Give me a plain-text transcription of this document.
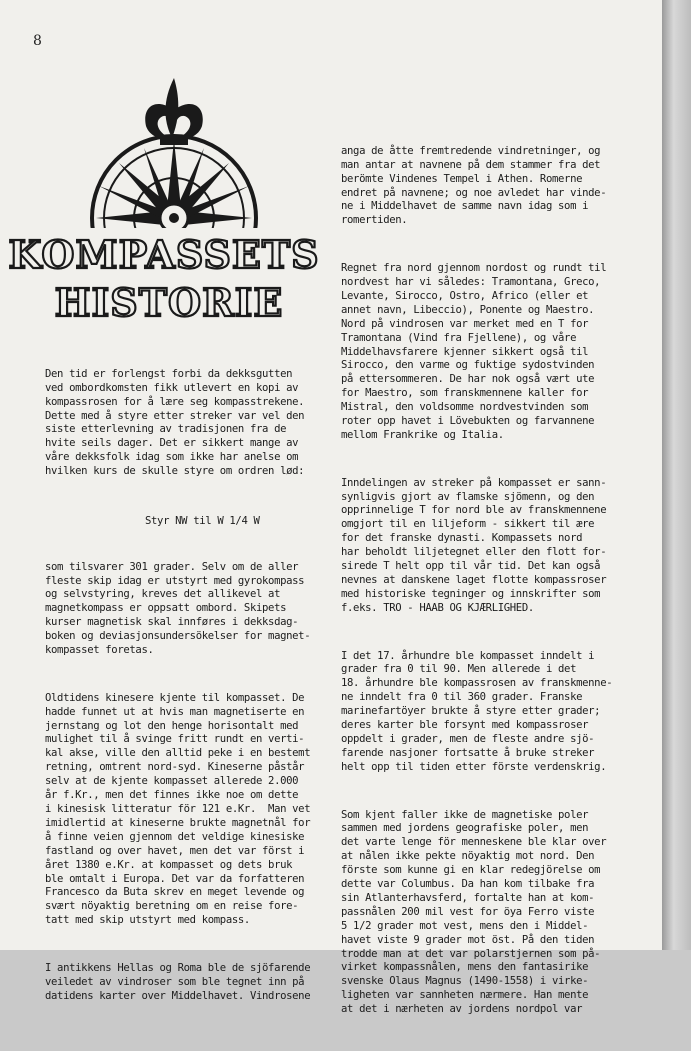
8
KOMPASSETS
HISTORIE

Den tid er forlengst forbi da dekksgutten
ved ombordkomsten fikk utlevert en kopi av
kompassrosen for å lære seg kompasstrekene.
Dette med å styre etter streker var vel den
siste etterlevning av tradisjonen fra de
hvite seils dager. Det er sikkert mange av
våre dekksfolk idag som ikke har anelse om
hvilken kurs de skulle styre om ordren lød:

Styr NW til W 1/4 W

som tilsvarer 301 grader. Selv om de aller
fleste skip idag er utstyrt med gyrokompass
og selvstyring, kreves det allikevel at
magnetkompass er oppsatt ombord. Skipets
kurser magnetisk skal innføres i dekksdag-
boken og deviasjonsundersökelser for magnet-
kompasset foretas.

Oldtidens kinesere kjente til kompasset. De
hadde funnet ut at hvis man magnetiserte en
jernstang og lot den henge horisontalt med
mulighet til å svinge fritt rundt en verti-
kal akse, ville den alltid peke i en bestemt
retning, omtrent nord-syd. Kineserne påstår
selv at de kjente kompasset allerede 2.000
år f.Kr., men det finnes ikke noe om dette
i kinesisk litteratur för 121 e.Kr.  Man vet
imidlertid at kineserne brukte magnetnål for
å finne veien gjennom det veldige kinesiske
fastland og over havet, men det var först i
året 1380 e.Kr. at kompasset og dets bruk
ble omtalt i Europa. Det var da forfatteren
Francesco da Buta skrev en meget levende og
svært nöyaktig beretning om en reise fore-
tatt med skip utstyrt med kompass.

I antikkens Hellas og Roma ble de sjöfarende
veiledet av vindroser som ble tegnet inn på
datidens karter over Middelhavet. Vindrosene

anga de åtte fremtredende vindretninger, og
man antar at navnene på dem stammer fra det
berömte Vindenes Tempel i Athen. Romerne
endret på navnene; og noe avledet har vinde-
ne i Middelhavet de samme navn idag som i
romertiden.

Regnet fra nord gjennom nordost og rundt til
nordvest har vi således: Tramontana, Greco,
Levante, Sirocco, Ostro, Africo (eller et
annet navn, Libeccio), Ponente og Maestro.
Nord på vindrosen var merket med en T for
Tramontana (Vind fra Fjellene), og våre
Middelhavsfarere kjenner sikkert også til
Sirocco, den varme og fuktige sydostvinden
på ettersommeren. De har nok også vært ute
for Maestro, som franskmennene kaller for
Mistral, den voldsomme nordvestvinden som
roter opp havet i Lövebukten og farvannene
mellom Frankrike og Italia.

Inndelingen av streker på kompasset er sann-
synligvis gjort av flamske sjömenn, og den
opprinnelige T for nord ble av franskmennene
omgjort til en liljeform - sikkert til ære
for det franske dynasti. Kompassets nord
har beholdt liljetegnet eller den flott for-
sirede T helt opp til vår tid. Det kan også
nevnes at danskene laget flotte kompassroser
med historiske tegninger og innskrifter som
f.eks. TRO - HAAB OG KJÆRLIGHED.

I det 17. århundre ble kompasset inndelt i
grader fra 0 til 90. Men allerede i det
18. århundre ble kompassrosen av franskmenne-
ne inndelt fra 0 til 360 grader. Franske
marinefartöyer brukte å styre etter grader;
deres karter ble forsynt med kompassroser
oppdelt i grader, men de fleste andre sjö-
farende nasjoner fortsatte å bruke streker
helt opp til tiden etter förste verdenskrig.

Som kjent faller ikke de magnetiske poler
sammen med jordens geografiske poler, men
det varte lenge för menneskene ble klar over
at nålen ikke pekte nöyaktig mot nord. Den
förste som kunne gi en klar redegjörelse om
dette var Columbus. Da han kom tilbake fra
sin Atlanterhavsferd, fortalte han at kom-
passnålen 200 mil vest for öya Ferro viste
5 1/2 grader mot vest, mens den i Middel-
havet viste 9 grader mot öst. På den tiden
trodde man at det var polarstjernen som på-
virket kompassnålen, mens den fantasirike
svenske Olaus Magnus (1490-1558) i virke-
ligheten var sannheten nærmere. Han mente
at det i nærheten av jordens nordpol var
